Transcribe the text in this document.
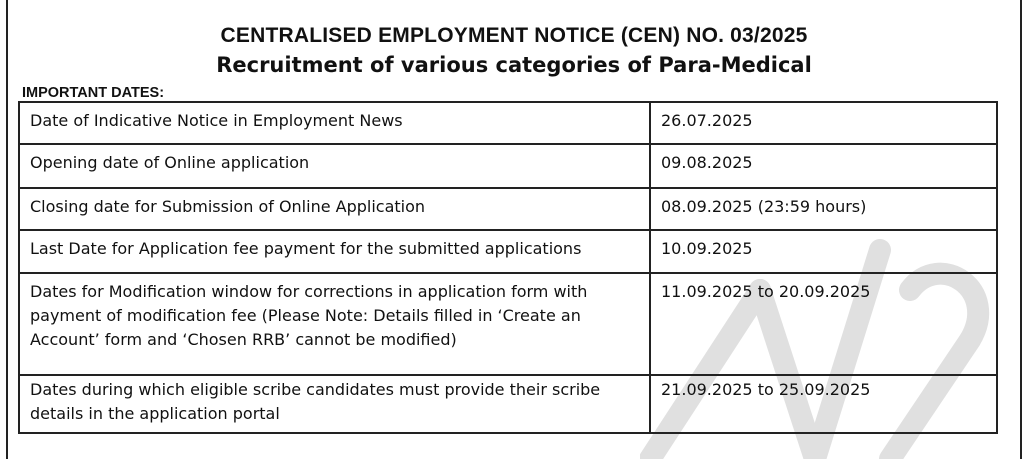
CENTRALISED EMPLOYMENT NOTICE (CEN) NO. 03/2025
Recruitment of various categories of Para-Medical
IMPORTANT DATES:
Date of Indicative Notice in Employment News	26.07.2025
Opening date of Online application	09.08.2025
Closing date for Submission of Online Application	08.09.2025 (23:59 hours)
Last Date for Application fee payment for the submitted applications	10.09.2025
Dates for Modification window for corrections in application form with payment of modification fee (Please Note: Details filled in ‘Create an Account’ form and ‘Chosen RRB’ cannot be modified)	11.09.2025 to 20.09.2025
Dates during which eligible scribe candidates must provide their scribe details in the application portal	21.09.2025 to 25.09.2025
